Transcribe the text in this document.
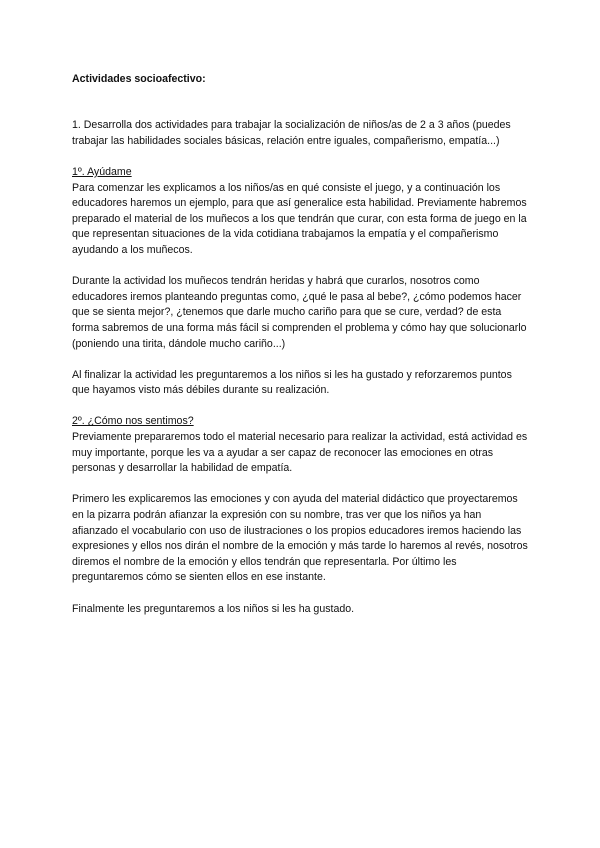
Actividades socioafectivo:

1. Desarrolla dos actividades para trabajar la socialización de niños/as de 2 a 3 años (puedes trabajar las habilidades sociales básicas, relación entre iguales, compañerismo, empatía...)

1º. Ayúdame

Para comenzar les explicamos a los niños/as en qué consiste el juego, y a continuación los educadores haremos un ejemplo, para que así generalice esta habilidad. Previamente habremos preparado el material de los muñecos a los que tendrán que curar, con esta forma de juego en la que representan situaciones de la vida cotidiana trabajamos la empatía y el compañerismo ayudando a los muñecos.

Durante la actividad los muñecos tendrán heridas y habrá que curarlos, nosotros como educadores iremos planteando preguntas como, ¿qué le pasa al bebe?, ¿cómo podemos hacer que se sienta mejor?, ¿tenemos que darle mucho cariño para que se cure, verdad? de esta forma sabremos de una forma más fácil si comprenden el problema y cómo hay que solucionarlo (poniendo una tirita, dándole mucho cariño...)

Al finalizar la actividad les preguntaremos a los niños si les ha gustado y reforzaremos puntos que hayamos visto más débiles durante su realización.

2º. ¿Cómo nos sentimos?

Previamente prepararemos todo el material necesario para realizar la actividad, está actividad es muy importante, porque les va a ayudar a ser capaz de reconocer las emociones en otras personas y desarrollar la habilidad de empatía.

Primero les explicaremos las emociones y con ayuda del material didáctico que proyectaremos en la pizarra podrán afianzar la expresión con su nombre, tras ver que los niños ya han afianzado el vocabulario con uso de ilustraciones o los propios educadores iremos haciendo las expresiones y ellos nos dirán el nombre de la emoción y más tarde lo haremos al revés, nosotros diremos el nombre de la emoción y ellos tendrán que representarla. Por último les preguntaremos cómo se sienten ellos en ese instante.

Finalmente les preguntaremos a los niños si les ha gustado.
